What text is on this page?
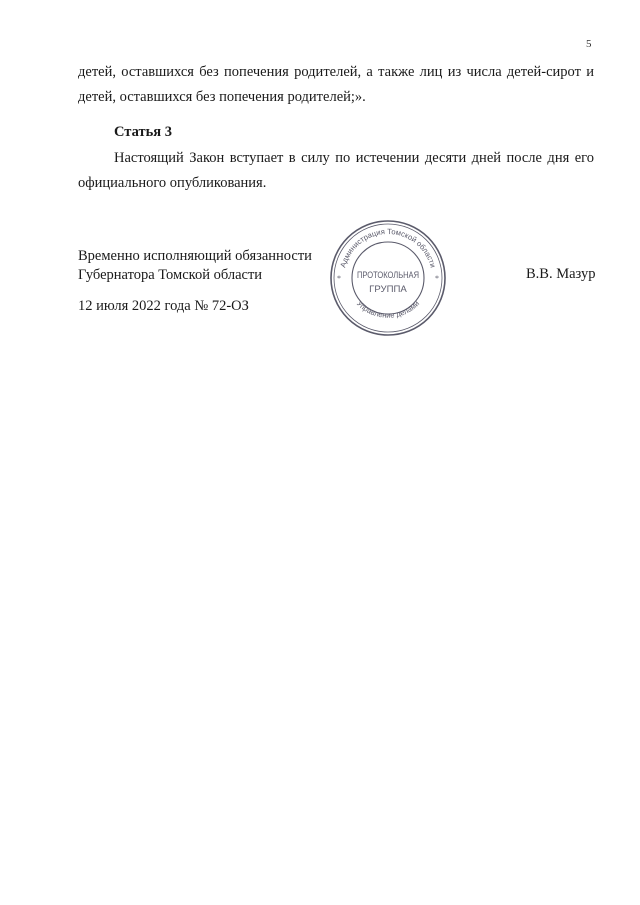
5

детей, оставшихся без попечения родителей, а также лиц из числа детей-сирот и детей, оставшихся без попечения родителей;».

Статья 3

Настоящий Закон вступает в силу по истечении десяти дней после дня его официального опубликования.

Временно исполняющий обязанности
Губернатора Томской области	В.В. Мазур
12 июля 2022 года № 72-ОЗ
Администрация Томской области
Управление делами
*	*
ПРОТОКОЛЬНАЯ
ГРУППА
